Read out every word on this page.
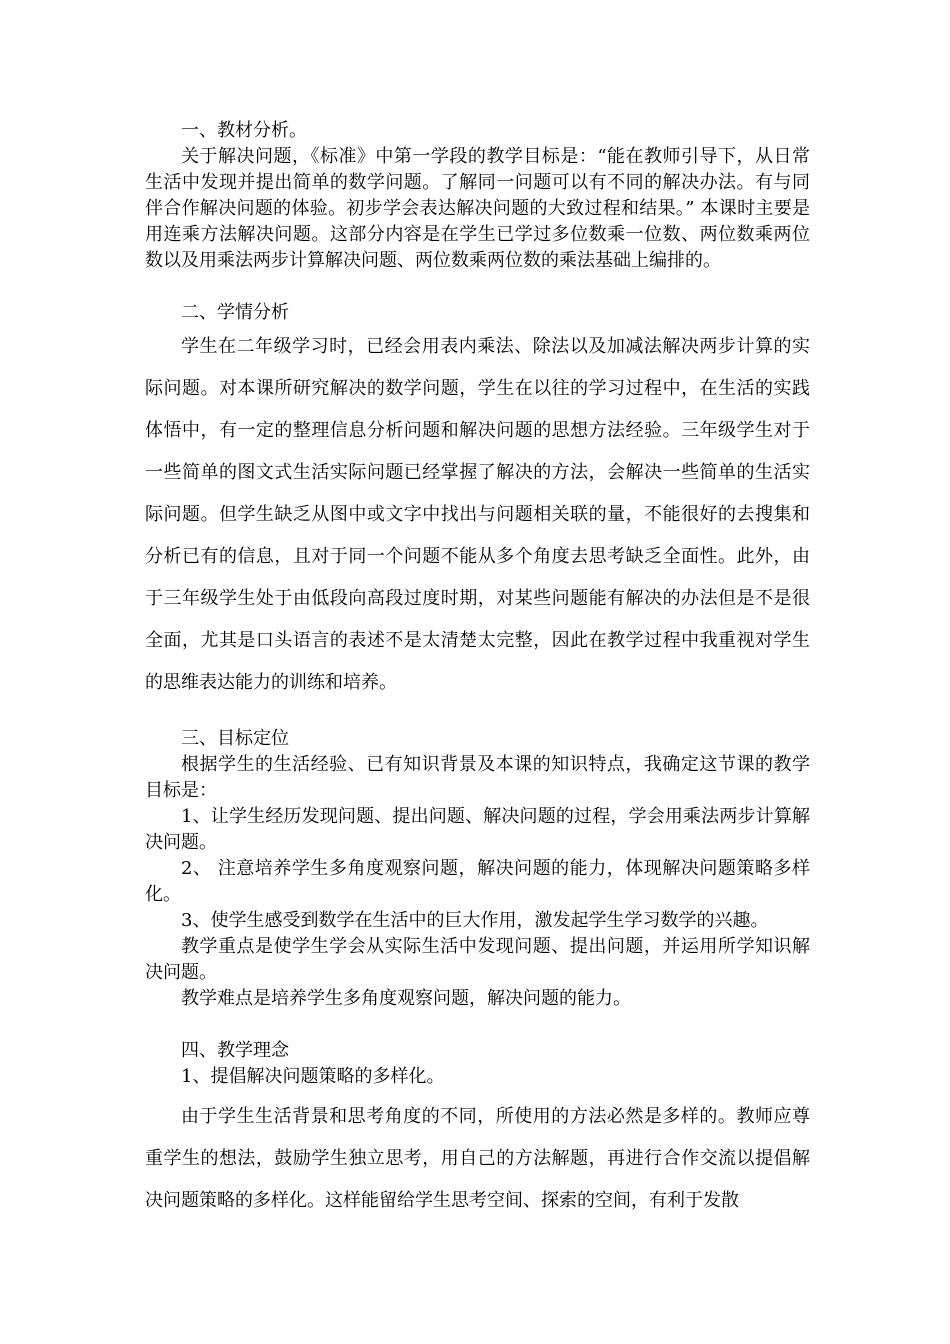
一、教材分析。

关于解决问题，《标准》中第一学段的教学目标是：“能在教师引导下，从日常生活中发现并提出简单的数学问题。了解同一问题可以有不同的解决办法。有与同伴合作解决问题的体验。初步学会表达解决问题的大致过程和结果。” 本课时主要是用连乘方法解决问题。这部分内容是在学生已学过多位数乘一位数、两位数乘两位数以及用乘法两步计算解决问题、两位数乘两位数的乘法基础上编排的。

二、学情分析

学生在二年级学习时，已经会用表内乘法、除法以及加减法解决两步计算的实际问题。对本课所研究解决的数学问题，学生在以往的学习过程中，在生活的实践体悟中，有一定的整理信息分析问题和解决问题的思想方法经验。三年级学生对于一些简单的图文式生活实际问题已经掌握了解决的方法，会解决一些简单的生活实际问题。但学生缺乏从图中或文字中找出与问题相关联的量，不能很好的去搜集和分析已有的信息，且对于同一个问题不能从多个角度去思考缺乏全面性。此外，由于三年级学生处于由低段向高段过度时期，对某些问题能有解决的办法但是不是很全面，尤其是口头语言的表述不是太清楚太完整，因此在教学过程中我重视对学生的思维表达能力的训练和培养。

三、目标定位

根据学生的生活经验、已有知识背景及本课的知识特点，我确定这节课的教学目标是：

1、让学生经历发现问题、提出问题、解决问题的过程，学会用乘法两步计算解决问题。

2、 注意培养学生多角度观察问题，解决问题的能力，体现解决问题策略多样化。

3、使学生感受到数学在生活中的巨大作用，激发起学生学习数学的兴趣。

教学重点是使学生学会从实际生活中发现问题、提出问题，并运用所学知识解决问题。

教学难点是培养学生多角度观察问题，解决问题的能力。

四、教学理念

1、提倡解决问题策略的多样化。

由于学生生活背景和思考角度的不同，所使用的方法必然是多样的。教师应尊重学生的想法，鼓励学生独立思考，用自己的方法解题，再进行合作交流以提倡解决问题策略的多样化。这样能留给学生思考空间、探索的空间，有利于发散
